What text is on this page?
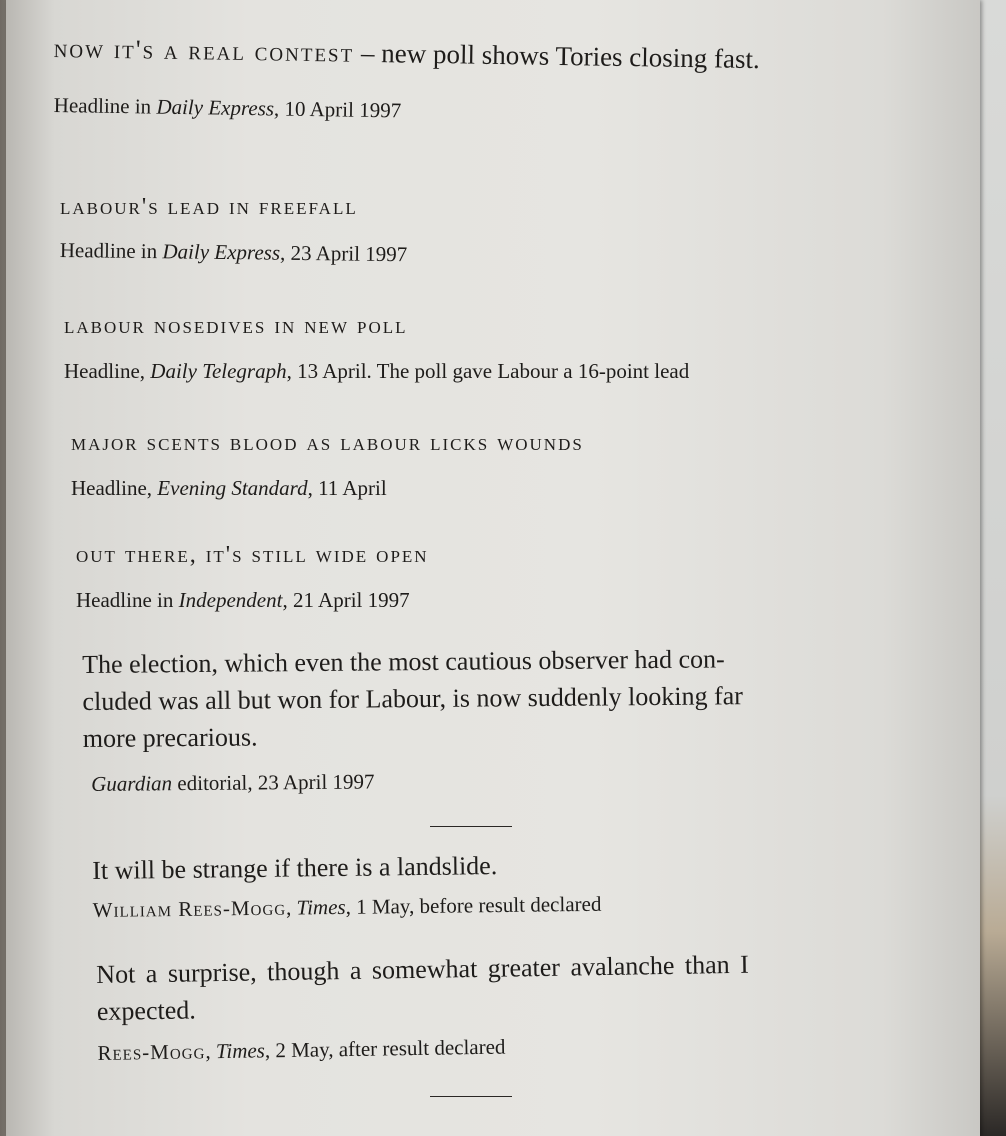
now it's a real contest – new poll shows Tories closing fast.
Headline in Daily Express, 10 April 1997
labour's lead in freefall
Headline in Daily Express, 23 April 1997
labour nosedives in new poll
Headline, Daily Telegraph, 13 April. The poll gave Labour a 16-point lead
major scents blood as labour licks wounds
Headline, Evening Standard, 11 April
out there, it's still wide open
Headline in Independent, 21 April 1997
The election, which even the most cautious observer had con-
cluded was all but won for Labour, is now suddenly looking far
more precarious.
Guardian editorial, 23 April 1997
It will be strange if there is a landslide.
William Rees-Mogg, Times, 1 May, before result declared
Not a surprise, though a somewhat greater avalanche than I
expected.
Rees-Mogg, Times, 2 May, after result declared
